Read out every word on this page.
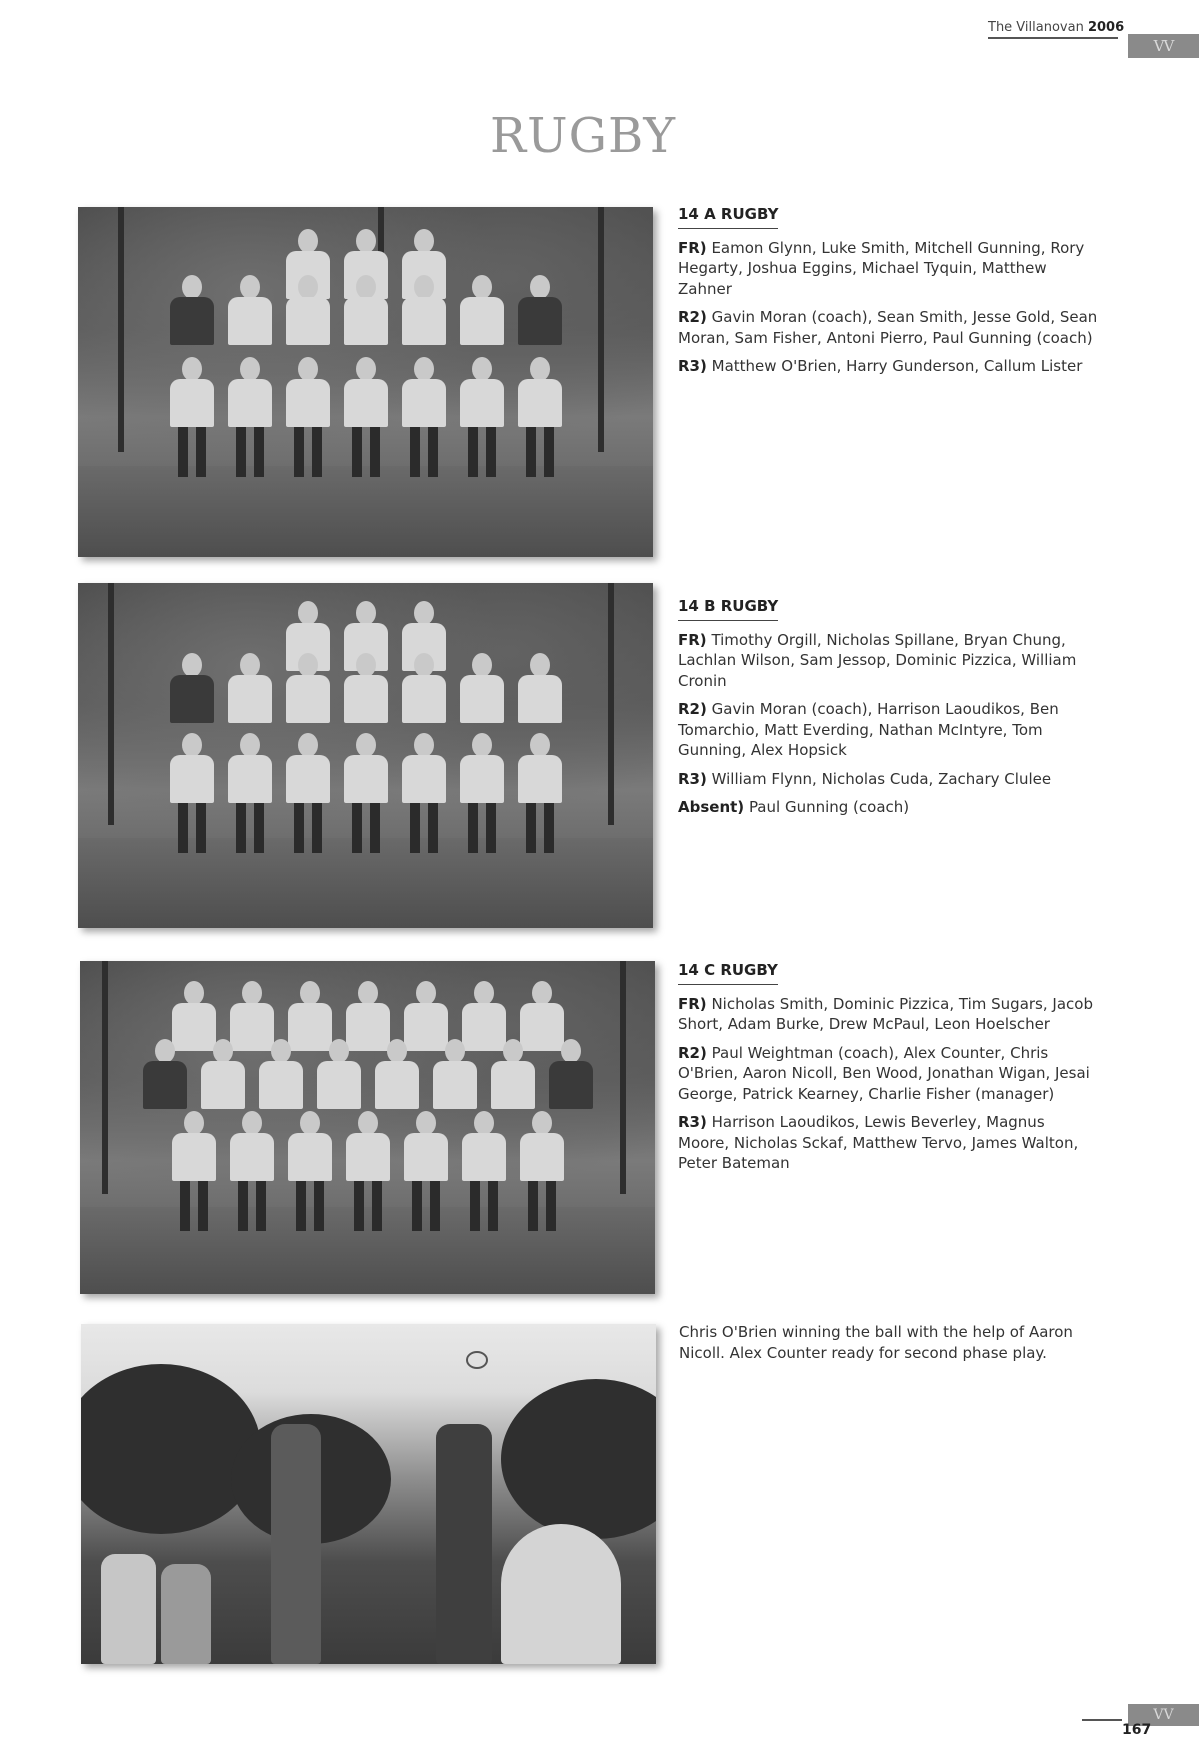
The Villanovan 2006
VV
RUGBY
14 A RUGBY
FR) Eamon Glynn, Luke Smith, Mitchell Gunning, Rory Hegarty, Joshua Eggins, Michael Tyquin, Matthew Zahner
R2) Gavin Moran (coach), Sean Smith, Jesse Gold, Sean Moran, Sam Fisher, Antoni Pierro, Paul Gunning (coach)
R3) Matthew O'Brien, Harry Gunderson, Callum Lister
14 B RUGBY
FR) Timothy Orgill, Nicholas Spillane, Bryan Chung, Lachlan Wilson, Sam Jessop, Dominic Pizzica, William Cronin
R2) Gavin Moran (coach), Harrison Laoudikos, Ben Tomarchio, Matt Everding, Nathan McIntyre, Tom Gunning, Alex Hopsick
R3) William Flynn, Nicholas Cuda, Zachary Clulee
Absent) Paul Gunning (coach)
14 C RUGBY
FR) Nicholas Smith, Dominic Pizzica, Tim Sugars, Jacob Short, Adam Burke, Drew McPaul, Leon Hoelscher
R2) Paul Weightman (coach), Alex Counter, Chris O'Brien, Aaron Nicoll, Ben Wood, Jonathan Wigan, Jesai George, Patrick Kearney, Charlie Fisher (manager)
R3) Harrison Laoudikos, Lewis Beverley, Magnus Moore, Nicholas Sckaf, Matthew Tervo, James Walton, Peter Bateman
Chris O'Brien winning the ball with the help of Aaron Nicoll. Alex Counter ready for second phase play.
VV
167
